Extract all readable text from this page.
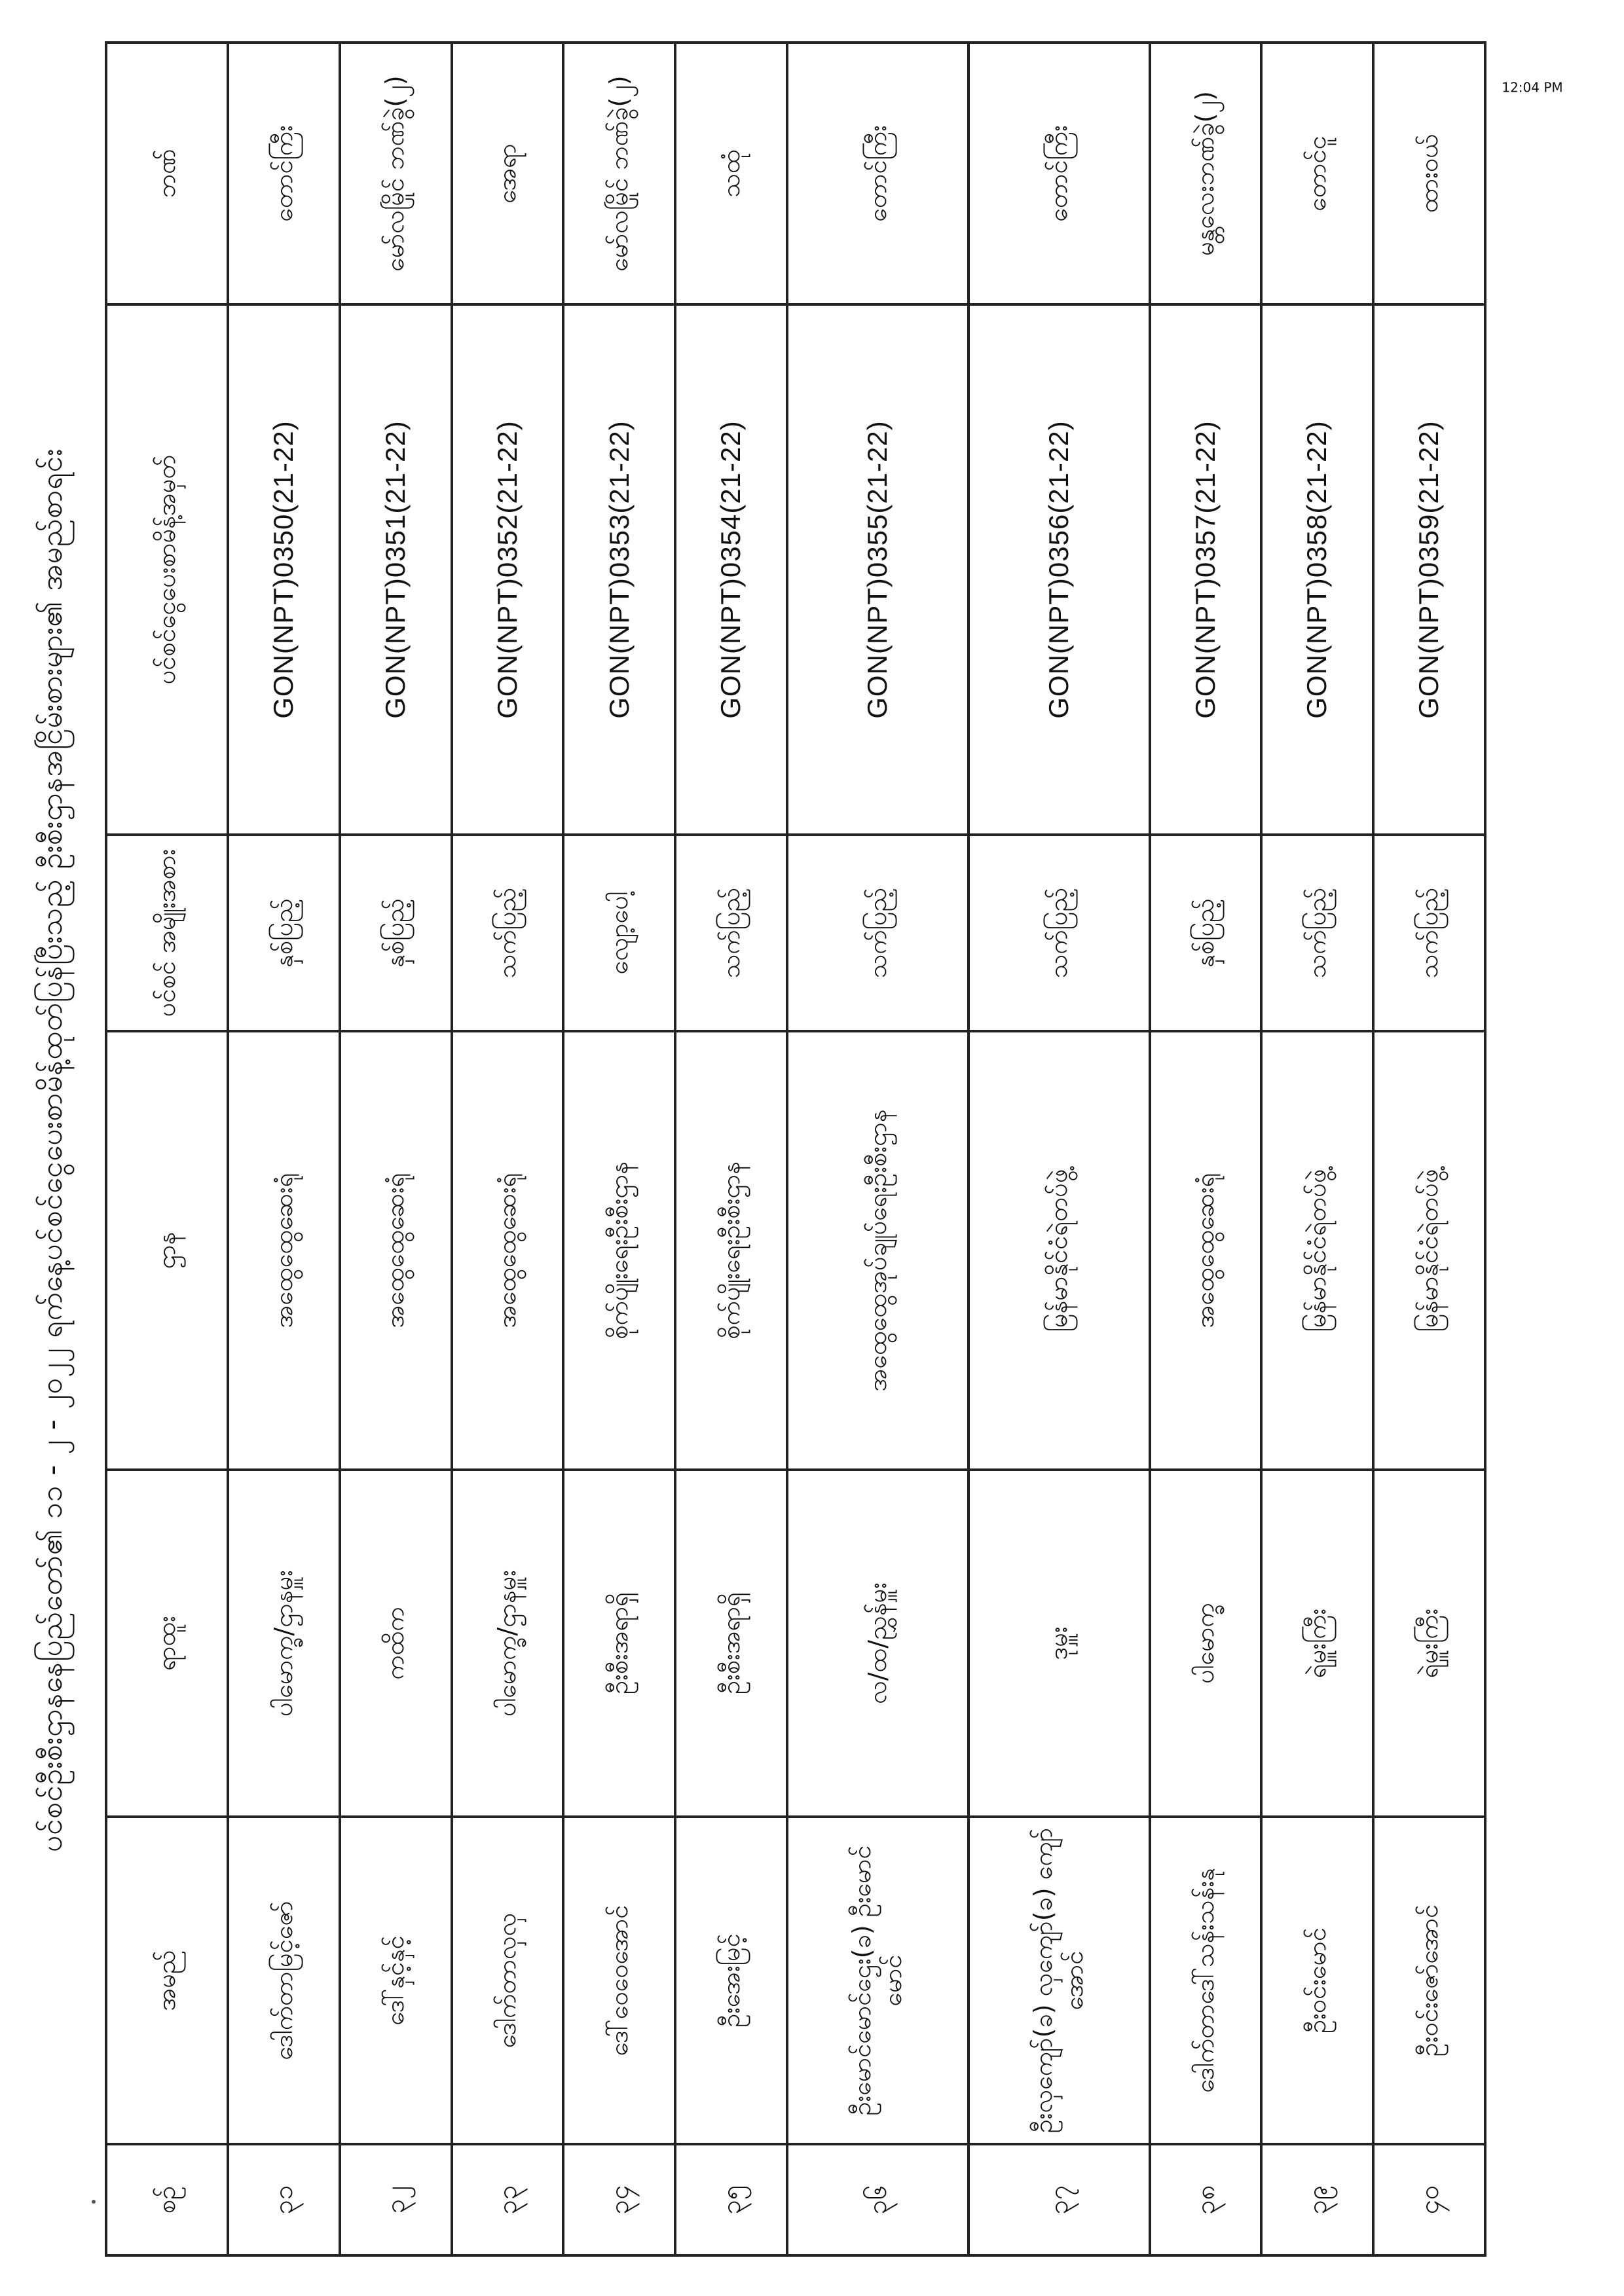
ပင်စင်ဦးစီးဌာနနေပြည်တော်၏ ၁၁ - ၂ - ၂၀၂၂ ရက်နေ့ပင်စင်ငွေပေးစာမိန့်ထုတ်ပြန်ပြီးသည့် ဦးစီးဌာနအငြိမ်းစားများ၏ အမည်စာရင်း
12:04 PM
စဉ်	အမည်	ရာထူး	ဌာန	ပင်စင် အမျိုးအစား	ပင်စင်ငွေပေးစာမိန့်အမှတ်	ဘဏ်
၃၁	ဒေါက်တာမြင့်ဇော်	ပါမောက္ခ/ဌာနမှူး	အထွေထွေဆေးရုံ	နှစ်ပြည့်	GON(NPT)0350(21-22)	တောင်ကြီး
၃၂	ဒေါ်နှင့်နှင့်	ကထိက	အထွေထွေဆေးရုံ	နှစ်ပြည့်	GON(NPT)0351(21-22)	မော်လမြိုင် ဘဏ်ခွဲ(၂)
၃၃	ဒေါက်တာလှလှ	ပါမောက္ခ/ဌာနမှူး	အထွေထွေဆေးရုံ	သက်ပြည့်	GON(NPT)0352(21-22)	အေရာ
၃၄	ဒေါ်ဝေဝေအောင်	ဦးစီးအရာရှိ	စိုက်ပျိုးရေးဦးစီးဌာန	လျော့ပေါ့	GON(NPT)0353(21-22)	မော်လမြိုင် ဘဏ်ခွဲ(၂)
၃၅	ဦးအေးမြင့်	ဦးစီးအရာရှိ	စိုက်ပျိုးရေးဦးစီးဌာန	သက်ပြည့်	GON(NPT)0354(21-22)	သထုံ
၃၆	ဦးမောင်မောင်ဌေး(ခ) ဦးမောင်မောင်	လ/ထ/ညွှန်မှူး	အထွေထွေအုပ်ချုပ်ရေးဦးစီးဌာန	သက်ပြည့်	GON(NPT)0355(21-22)	တောင်ကြီး
၃၇	ဦးလှကျော်(ခ) လှကျော်(ခ) ကျော်အောင်	ဒုမှူး	မြန်မာနိုင်ငံရဲတပ်ဖွဲ့	သက်ပြည့်	GON(NPT)0356(21-22)	တောင်ကြီး
၃၈	ဒေါက်တာဒေါ်သန်းသန်းနု	ပါမောက္ခ	အထွေထွေဆေးရုံ	နှစ်ပြည့်	GON(NPT)0357(21-22)	မန္တလေးဘဏ်ခွဲ(၂)
၃၉	ဦးဝင်းမောင်	ရဲမှူးကြီး	မြန်မာနိုင်ငံရဲတပ်ဖွဲ့	သက်ပြည့်	GON(NPT)0358(21-22)	တောင်ငူ
၄၀	ဦးဝင်းဇော်အောင်	ရဲမှူးကြီး	မြန်မာနိုင်ငံရဲတပ်ဖွဲ့	သက်ပြည့်	GON(NPT)0359(21-22)	ထားဝယ်
